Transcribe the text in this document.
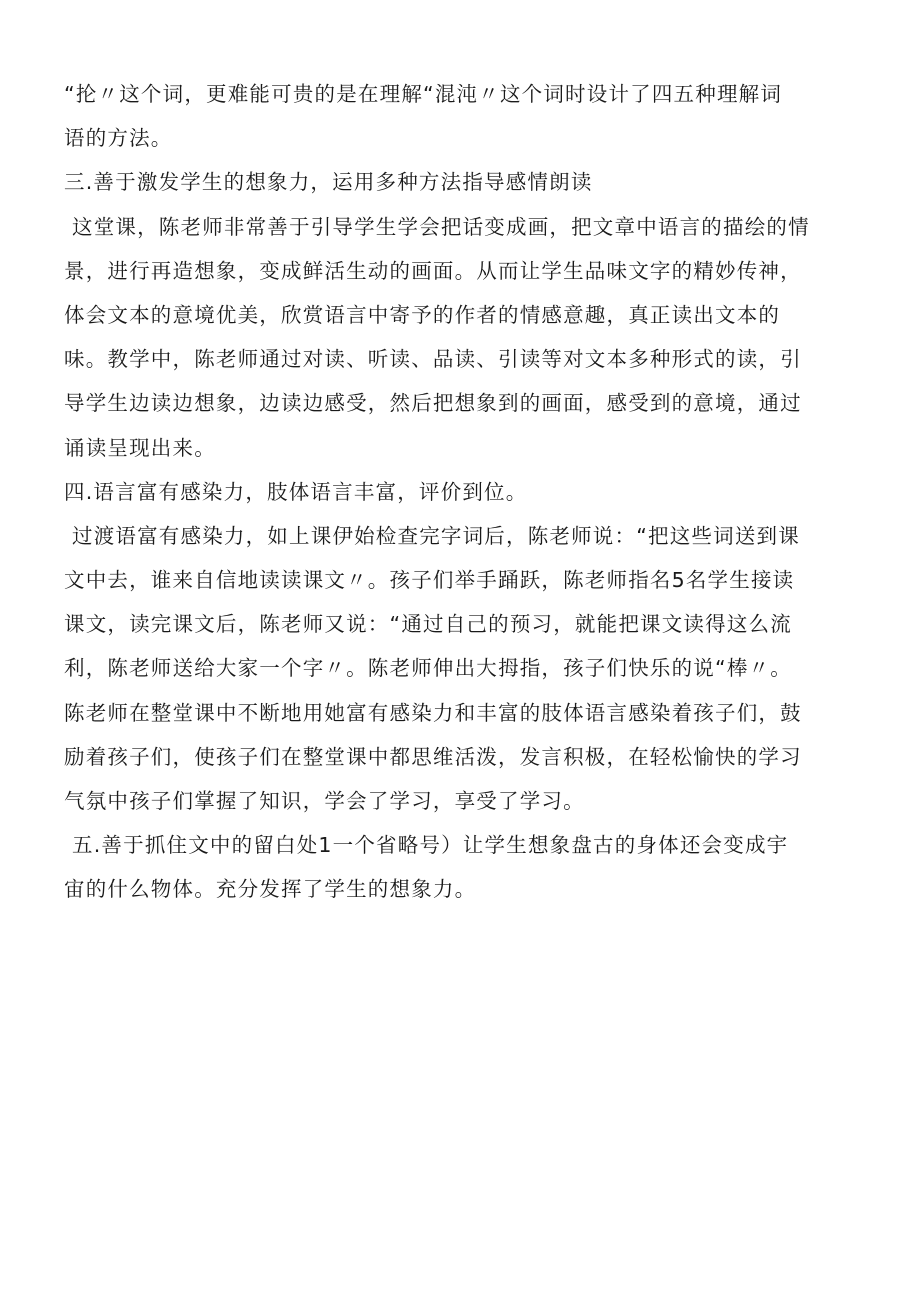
“抡〃这个词，更难能可贵的是在理解“混沌〃这个词时设计了四五种理解词
语的方法。
三.善于激发学生的想象力，运用多种方法指导感情朗读
这堂课，陈老师非常善于引导学生学会把话变成画，把文章中语言的描绘的情
景，进行再造想象，变成鲜活生动的画面。从而让学生品味文字的精妙传神，
体会文本的意境优美，欣赏语言中寄予的作者的情感意趣，真正读出文本的
味。教学中，陈老师通过对读、听读、品读、引读等对文本多种形式的读，引
导学生边读边想象，边读边感受，然后把想象到的画面，感受到的意境，通过
诵读呈现出来。
四.语言富有感染力，肢体语言丰富，评价到位。
过渡语富有感染力，如上课伊始检查完字词后，陈老师说：“把这些词送到课
文中去，谁来自信地读读课文〃。孩子们举手踊跃，陈老师指名5名学生接读
课文，读完课文后，陈老师又说：“通过自己的预习，就能把课文读得这么流
利，陈老师送给大家一个字〃。陈老师伸出大拇指，孩子们快乐的说“棒〃。
陈老师在整堂课中不断地用她富有感染力和丰富的肢体语言感染着孩子们，鼓
励着孩子们，使孩子们在整堂课中都思维活泼，发言积极，在轻松愉快的学习
气氛中孩子们掌握了知识，学会了学习，享受了学习。
五.善于抓住文中的留白处1一个省略号）让学生想象盘古的身体还会变成宇
宙的什么物体。充分发挥了学生的想象力。
